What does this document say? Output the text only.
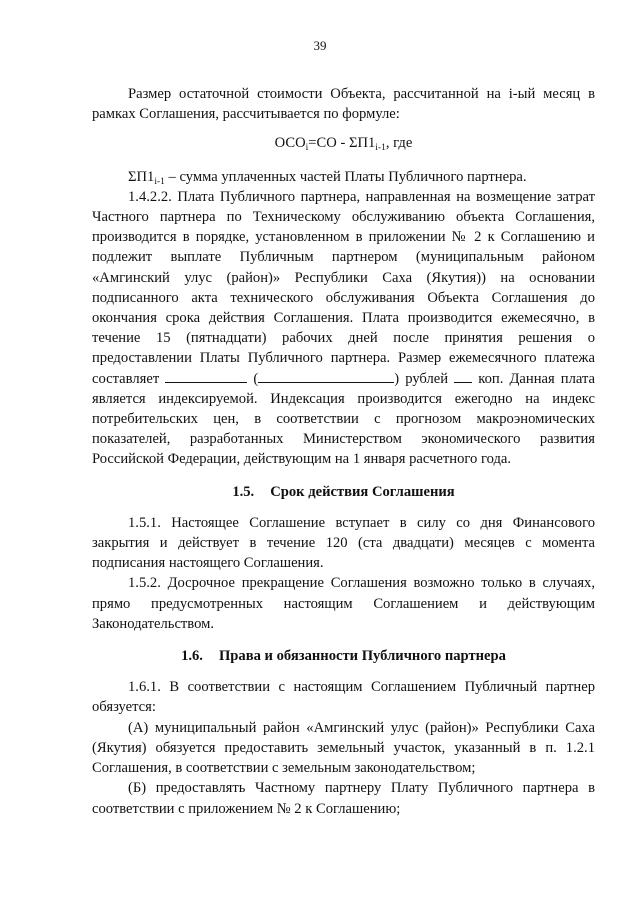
39

Размер остаточной стоимости Объекта, рассчитанной на i-ый месяц в рамках Соглашения, рассчитывается по формуле:

$ОСО_i=СО - \Sigma П1_{i-1}$, где

$\Sigma П1_{i-1}$ – сумма уплаченных частей Платы Публичного партнера.

1.4.2.2. Плата Публичного партнера, направленная на возмещение затрат Частного партнера по Техническому обслуживанию объекта Соглашения, производится в порядке, установленном в приложении № 2 к Соглашению и подлежит выплате Публичным партнером (муниципальным районом «Амгинский улус (район)» Республики Саха (Якутия)) на основании подписанного акта технического обслуживания Объекта Соглашения до окончания срока действия Соглашения. Плата производится ежемесячно, в течение 15 (пятнадцати) рабочих дней после принятия решения о предоставлении Платы Публичного партнера. Размер ежемесячного платежа составляет	(	) рублей коп. Данная плата является индексируемой. Индексация производится ежегодно на индекс потребительских цен, в соответствии с прогнозом макроэномических показателей, разработанных Министерством экономического развития Российской Федерации, действующим на 1 января расчетного года.

1.5. Срок действия Соглашения

1.5.1. Настоящее Соглашение вступает в силу со дня Финансового закрытия и действует в течение 120 (ста двадцати) месяцев с момента подписания настоящего Соглашения.

1.5.2. Досрочное прекращение Соглашения возможно только в случаях, прямо предусмотренных настоящим Соглашением и действующим Законодательством.

1.6. Права и обязанности Публичного партнера

1.6.1. В соответствии с настоящим Соглашением Публичный партнер обязуется:

(А) муниципальный район «Амгинский улус (район)» Республики Саха (Якутия) обязуется предоставить земельный участок, указанный в п. 1.2.1 Соглашения, в соответствии с земельным законодательством;

(Б) предоставлять Частному партнеру Плату Публичного партнера в соответствии с приложением № 2 к Соглашению;
